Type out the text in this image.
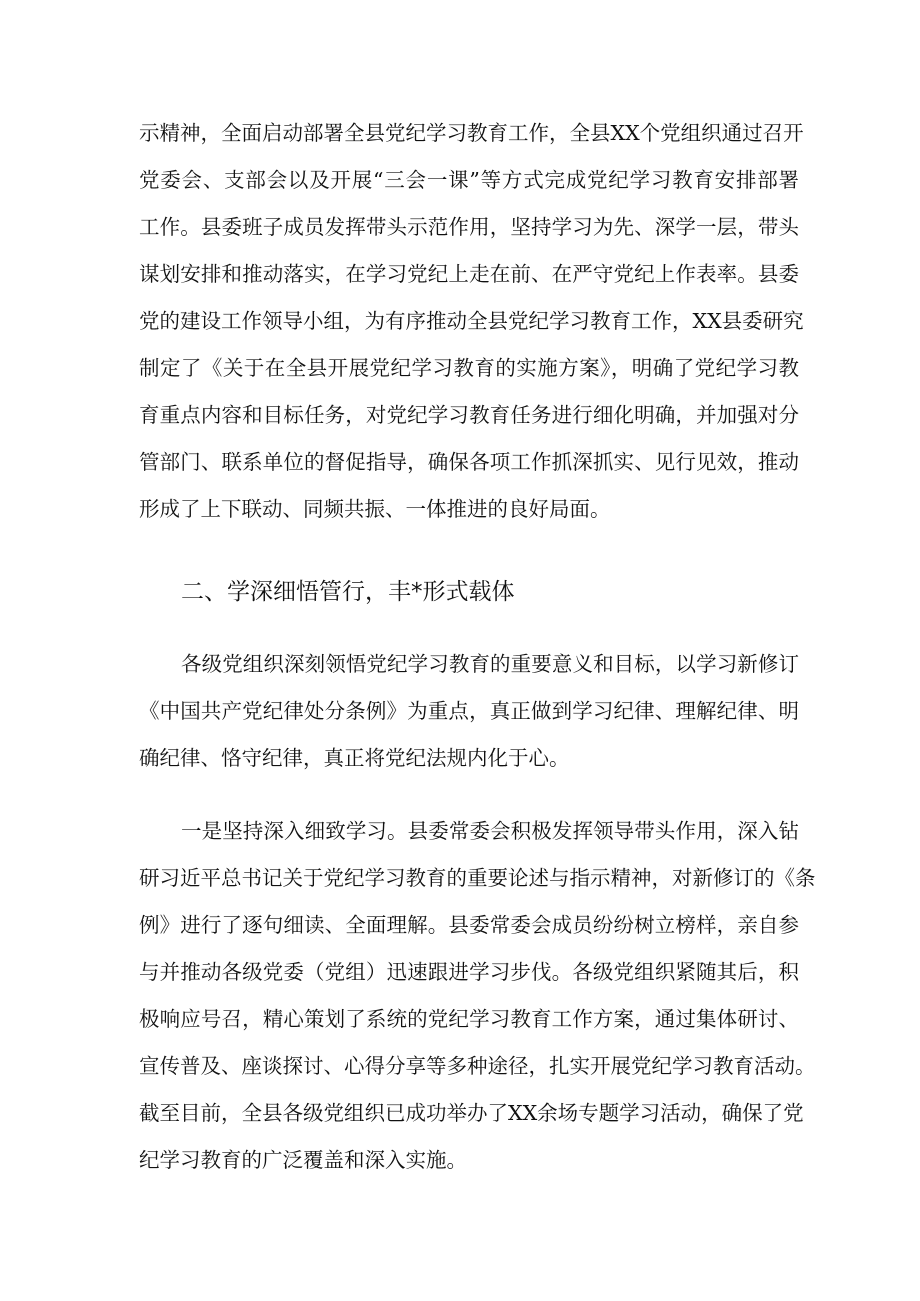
示精神，全面启动部署全县党纪学习教育工作，全县XX个党组织通过召开
党委会、支部会以及开展“三会一课”等方式完成党纪学习教育安排部署
工作。县委班子成员发挥带头示范作用，坚持学习为先、深学一层，带头
谋划安排和推动落实，在学习党纪上走在前、在严守党纪上作表率。县委
党的建设工作领导小组，为有序推动全县党纪学习教育工作，XX县委研究
制定了《关于在全县开展党纪学习教育的实施方案》，明确了党纪学习教
育重点内容和目标任务，对党纪学习教育任务进行细化明确，并加强对分
管部门、联系单位的督促指导，确保各项工作抓深抓实、见行见效，推动
形成了上下联动、同频共振、一体推进的良好局面。
二、学深细悟管行，丰*形式载体
各级党组织深刻领悟党纪学习教育的重要意义和目标，以学习新修订
《中国共产党纪律处分条例》为重点，真正做到学习纪律、理解纪律、明
确纪律、恪守纪律，真正将党纪法规内化于心。
一是坚持深入细致学习。县委常委会积极发挥领导带头作用，深入钻
研习近平总书记关于党纪学习教育的重要论述与指示精神，对新修订的《条
例》进行了逐句细读、全面理解。县委常委会成员纷纷树立榜样，亲自参
与并推动各级党委（党组）迅速跟进学习步伐。各级党组织紧随其后，积
极响应号召，精心策划了系统的党纪学习教育工作方案，通过集体研讨、
宣传普及、座谈探讨、心得分享等多种途径，扎实开展党纪学习教育活动。
截至目前，全县各级党组织已成功举办了XX余场专题学习活动，确保了党
纪学习教育的广泛覆盖和深入实施。
